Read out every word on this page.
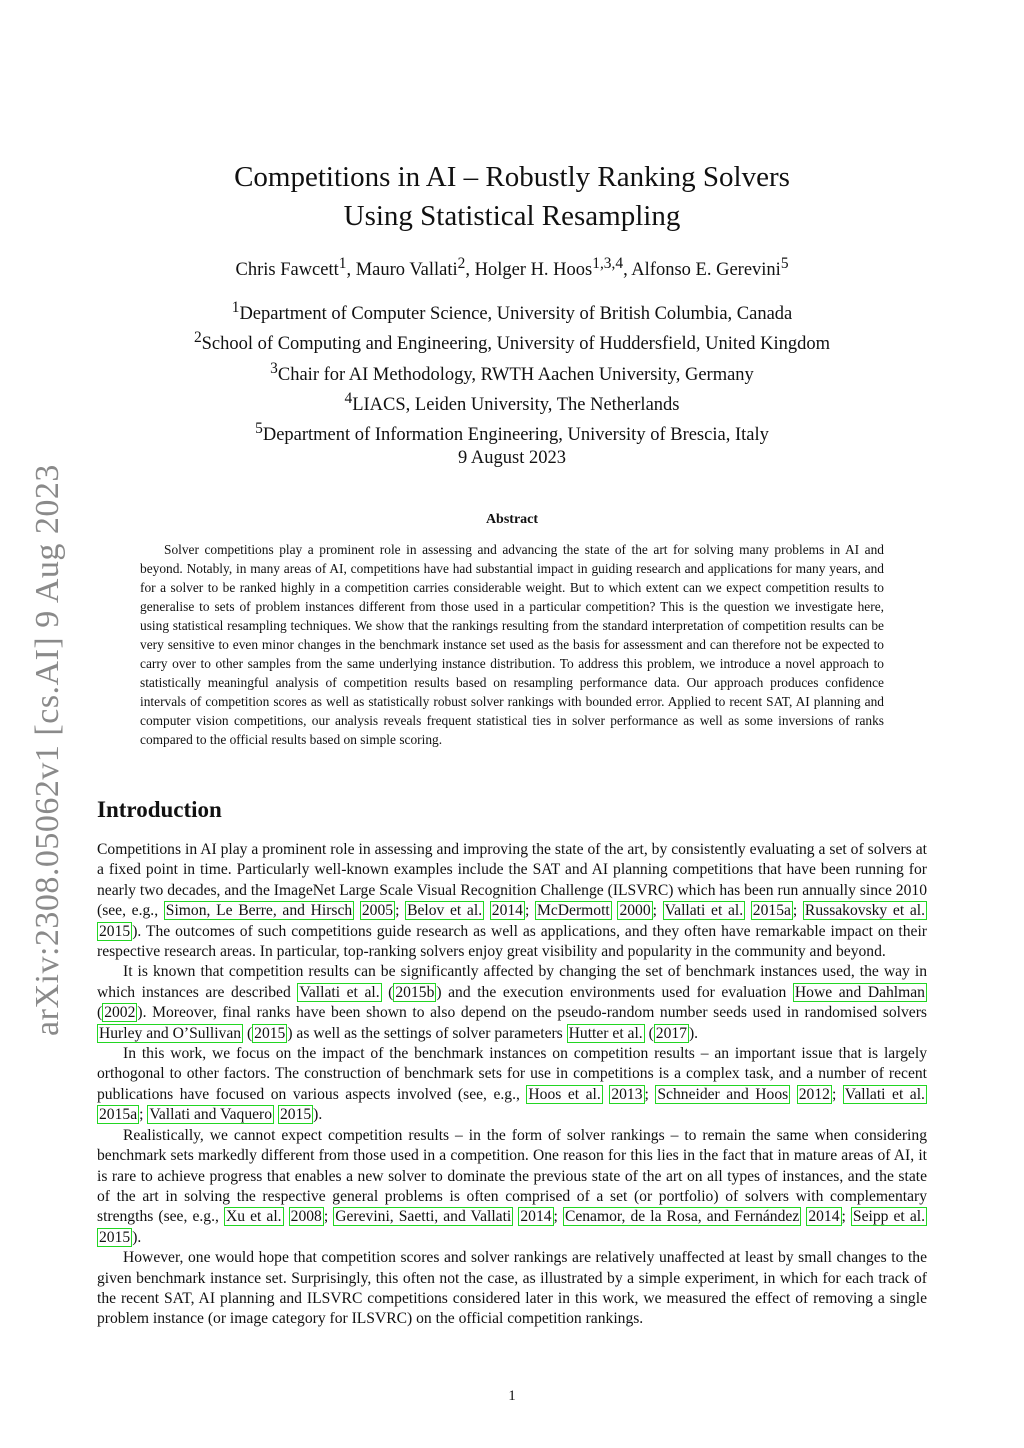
arXiv:2308.05062v1 [cs.AI] 9 Aug 2023
Competitions in AI – Robustly Ranking Solvers
Using Statistical Resampling
Chris Fawcett$^1$, Mauro Vallati$^2$, Holger H. Hoos$^{1,3,4}$, Alfonso E. Gerevini$^5$
$^1$Department of Computer Science, University of British Columbia, Canada
$^2$School of Computing and Engineering, University of Huddersfield, United Kingdom
$^3$Chair for AI Methodology, RWTH Aachen University, Germany
$^4$LIACS, Leiden University, The Netherlands
$^5$Department of Information Engineering, University of Brescia, Italy
9 August 2023
Abstract

Solver competitions play a prominent role in assessing and advancing the state of the art for solving many problems in AI and beyond. Notably, in many areas of AI, competitions have had substantial impact in guiding research and applications for many years, and for a solver to be ranked highly in a competition carries considerable weight. But to which extent can we expect competition results to generalise to sets of problem instances different from those used in a particular competition? This is the question we investigate here, using statistical resampling techniques. We show that the rankings resulting from the standard interpretation of competition results can be very sensitive to even minor changes in the benchmark instance set used as the basis for assessment and can therefore not be expected to carry over to other samples from the same underlying instance distribution. To address this problem, we introduce a novel approach to statistically meaningful analysis of competition results based on resampling performance data. Our approach produces confidence intervals of competition scores as well as statistically robust solver rankings with bounded error. Applied to recent SAT, AI planning and computer vision competitions, our analysis reveals frequent statistical ties in solver performance as well as some inversions of ranks compared to the official results based on simple scoring.

Introduction

Competitions in AI play a prominent role in assessing and improving the state of the art, by consistently evaluating a set of solvers at a fixed point in time. Particularly well-known examples include the SAT and AI planning competitions that have been running for nearly two decades, and the ImageNet Large Scale Visual Recognition Challenge (ILSVRC) which has been run annually since 2010 (see, e.g., Simon, Le Berre, and Hirsch 2005 ; Belov et al. 2014 ; McDermott 2000 ; Vallati et al. 2015a ; Russakovsky et al. 2015 ). The outcomes of such competitions guide research as well as applications, and they often have remarkable impact on their respective research areas. In particular, top-ranking solvers enjoy great visibility and popularity in the community and beyond.

It is known that competition results can be significantly affected by changing the set of benchmark instances used, the way in which instances are described Vallati et al. ( 2015b ) and the execution environments used for evaluation Howe and Dahlman ( 2002 ). Moreover, final ranks have been shown to also depend on the pseudo-random number seeds used in randomised solvers Hurley and O’Sullivan ( 2015 ) as well as the settings of solver parameters Hutter et al. ( 2017 ).

In this work, we focus on the impact of the benchmark instances on competition results – an important issue that is largely orthogonal to other factors. The construction of benchmark sets for use in competitions is a complex task, and a number of recent publications have focused on various aspects involved (see, e.g., Hoos et al. 2013 ; Schneider and Hoos 2012 ; Vallati et al. 2015a ; Vallati and Vaquero 2015 ).

Realistically, we cannot expect competition results – in the form of solver rankings – to remain the same when considering benchmark sets markedly different from those used in a competition. One reason for this lies in the fact that in mature areas of AI, it is rare to achieve progress that enables a new solver to dominate the previous state of the art on all types of instances, and the state of the art in solving the respective general problems is often comprised of a set (or portfolio) of solvers with complementary strengths (see, e.g., Xu et al. 2008 ; Gerevini, Saetti, and Vallati 2014 ; Cenamor, de la Rosa, and Fernández 2014 ; Seipp et al. 2015 ).

However, one would hope that competition scores and solver rankings are relatively unaffected at least by small changes to the given benchmark instance set. Surprisingly, this often not the case, as illustrated by a simple experiment, in which for each track of the recent SAT, AI planning and ILSVRC competitions considered later in this work, we measured the effect of removing a single problem instance (or image category for ILSVRC) on the official competition rankings.

1
